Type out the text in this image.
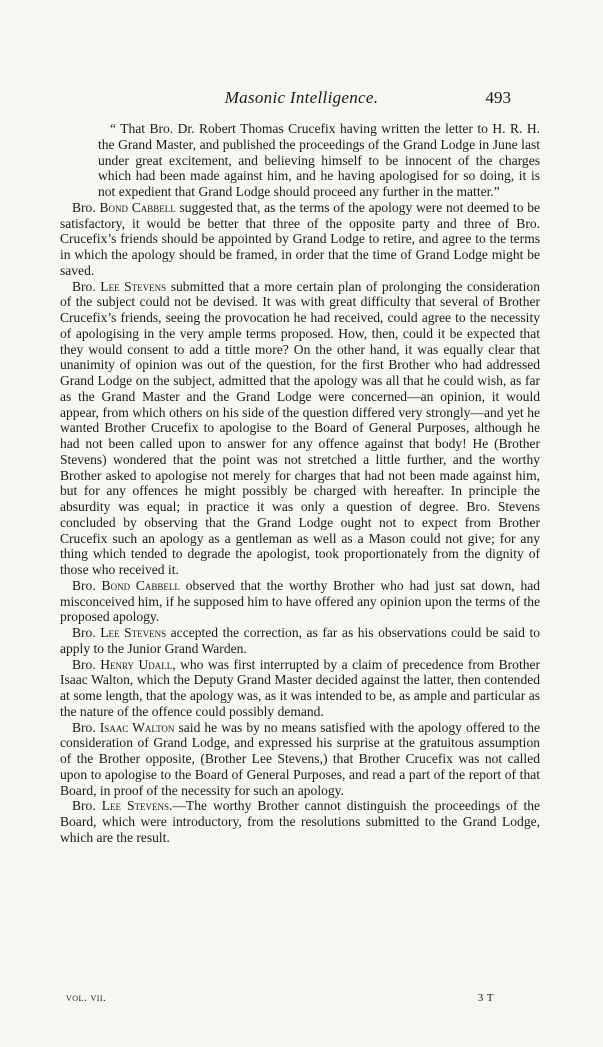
Masonic Intelligence.	493

“ That Bro. Dr. Robert Thomas Crucefix having written the letter to H. R. H. the Grand Master, and published the proceedings of the Grand Lodge in June last under great excitement, and believing himself to be innocent of the charges which had been made against him, and he having apologised for so doing, it is not expedient that Grand Lodge should proceed any further in the matter.”

Bro. Bond Cabbell suggested that, as the terms of the apology were not deemed to be satisfactory, it would be better that three of the opposite party and three of Bro. Crucefix’s friends should be appointed by Grand Lodge to retire, and agree to the terms in which the apology should be framed, in order that the time of Grand Lodge might be saved.

Bro. Lee Stevens submitted that a more certain plan of prolonging the consideration of the subject could not be devised. It was with great difficulty that several of Brother Crucefix’s friends, seeing the provocation he had received, could agree to the necessity of apologising in the very ample terms proposed. How, then, could it be expected that they would consent to add a tittle more? On the other hand, it was equally clear that unanimity of opinion was out of the question, for the first Brother who had addressed Grand Lodge on the subject, admitted that the apology was all that he could wish, as far as the Grand Master and the Grand Lodge were concerned—an opinion, it would appear, from which others on his side of the question differed very strongly—and yet he wanted Brother Crucefix to apologise to the Board of General Purposes, although he had not been called upon to answer for any offence against that body! He (Brother Stevens) wondered that the point was not stretched a little further, and the worthy Brother asked to apologise not merely for charges that had not been made against him, but for any offences he might possibly be charged with hereafter. In principle the absurdity was equal; in practice it was only a question of degree. Bro. Stevens concluded by observing that the Grand Lodge ought not to expect from Brother Crucefix such an apology as a gentleman as well as a Mason could not give; for any thing which tended to degrade the apologist, took proportionately from the dignity of those who received it.

Bro. Bond Cabbell observed that the worthy Brother who had just sat down, had misconceived him, if he supposed him to have offered any opinion upon the terms of the proposed apology.

Bro. Lee Stevens accepted the correction, as far as his observations could be said to apply to the Junior Grand Warden.

Bro. Henry Udall, who was first interrupted by a claim of precedence from Brother Isaac Walton, which the Deputy Grand Master decided against the latter, then contended at some length, that the apology was, as it was intended to be, as ample and particular as the nature of the offence could possibly demand.

Bro. Isaac Walton said he was by no means satisfied with the apology offered to the consideration of Grand Lodge, and expressed his surprise at the gratuitous assumption of the Brother opposite, (Brother Lee Stevens,) that Brother Crucefix was not called upon to apologise to the Board of General Purposes, and read a part of the report of that Board, in proof of the necessity for such an apology.

Bro. Lee Stevens.—The worthy Brother cannot distinguish the proceedings of the Board, which were introductory, from the resolutions submitted to the Grand Lodge, which are the result.

vol. vii.	3 T
